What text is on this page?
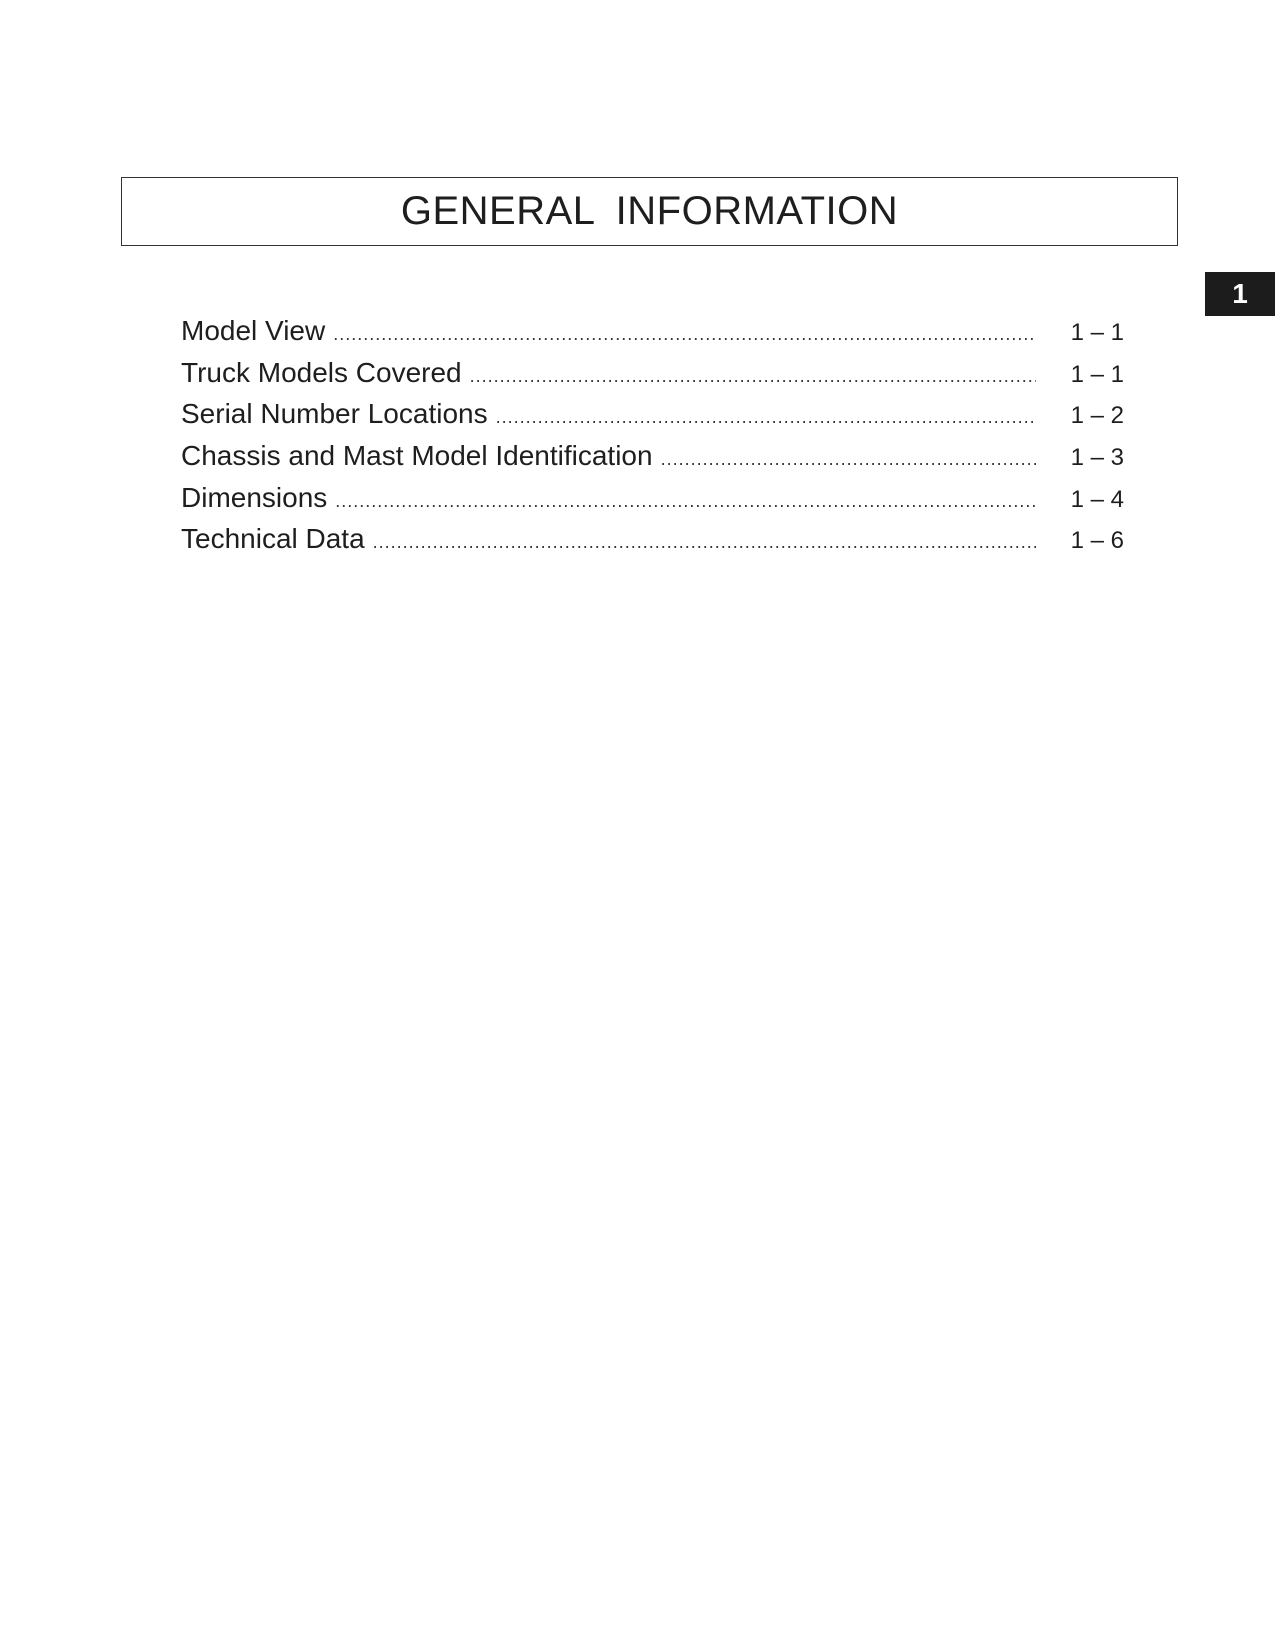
GENERAL INFORMATION
1
Model View .....	1 – 1
Truck Models Covered .....	1 – 1
Serial Number Locations .....	1 – 2
Chassis and Mast Model Identification .....	1 – 3
Dimensions .....	1 – 4
Technical Data .....	1 – 6
